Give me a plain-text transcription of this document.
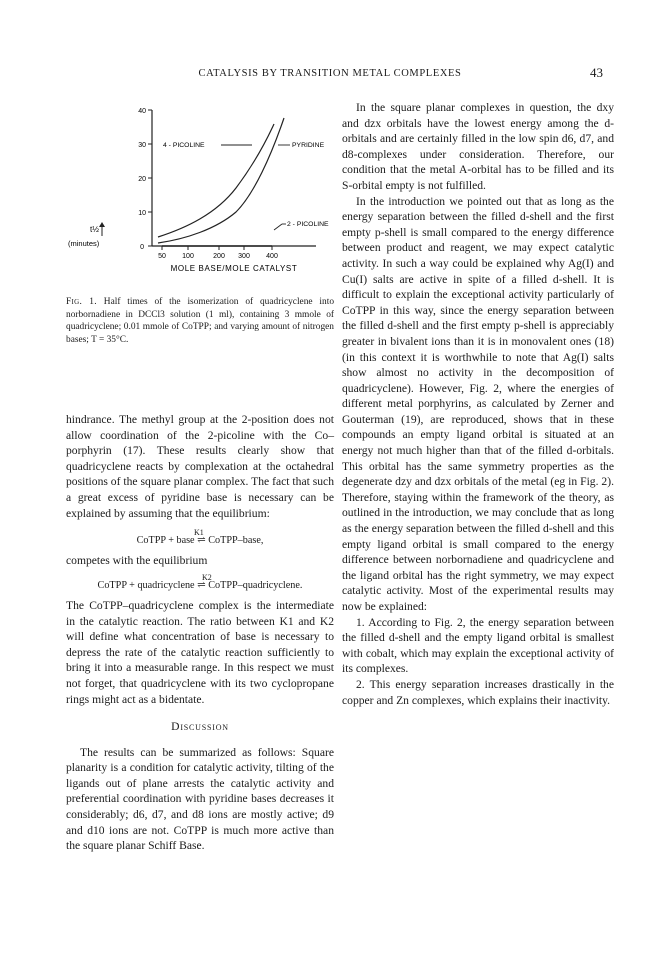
CATALYSIS BY TRANSITION METAL COMPLEXES	43
0
10
20
30
40
50 100	200 300 400
t½
(minutes)
MOLE BASE/MOLE CATALYST
4 - PICOLINE	PYRIDINE
2 - PICOLINE
Fig. 1. Half times of the isomerization of quadricyclene into norbornadiene in DCCl3 solution (1 ml), containing 3 mmole of quadricyclene; 0.01 mmole of CoTPP; and varying amount of nitrogen bases; T = 35°C.

hindrance. The methyl group at the 2-position does not allow coordination of the 2-picoline with the Co–porphyrin (17). These results clearly show that quadricyclene reacts by complexation at the octahedral positions of the square planar complex. The fact that such a great excess of pyridine base is necessary can be explained by assuming that the equilibrium:

K1
CoTPP + base ⇌ CoTPP–base,

competes with the equilibrium

K2
CoTPP + quadricyclene ⇌ CoTPP–quadricyclene.

The CoTPP–quadricyclene complex is the intermediate in the catalytic reaction. The ratio between K1 and K2 will define what concentration of base is necessary to depress the rate of the catalytic reaction sufficiently to bring it into a measurable range. In this respect we must not forget, that quadricyclene with its two cyclopropane rings might act as a bidentate.

Discussion

The results can be summarized as follows: Square planarity is a condition for catalytic activity, tilting of the ligands out of plane arrests the catalytic activity and preferential coordination with pyridine bases decreases it considerably; d6, d7, and d8 ions are mostly active; d9 and d10 ions are not. CoTPP is much more active than the square planar Schiff Base.

In the square planar complexes in question, the dxy and dzx orbitals have the lowest energy among the d-orbitals and are certainly filled in the low spin d6, d7, and d8-complexes under consideration. Therefore, our condition that the metal A-orbital has to be filled and its S-orbital empty is not fulfilled.

In the introduction we pointed out that as long as the energy separation between the filled d-shell and the first empty p-shell is small compared to the energy difference between product and reagent, we may expect catalytic activity. In such a way could be explained why Ag(I) and Cu(I) salts are active in spite of a filled d-shell. It is difficult to explain the exceptional activity particularly of CoTPP in this way, since the energy separation between the filled d-shell and the first empty p-shell is appreciably greater in bivalent ions than it is in monovalent ones (18) (in this context it is worthwhile to note that Ag(I) salts show almost no activity in the decomposition of quadricyclene). However, Fig. 2, where the energies of different metal porphyrins, as calculated by Zerner and Gouterman (19), are reproduced, shows that in these compounds an empty ligand orbital is situated at an energy not much higher than that of the filled d-orbitals. This orbital has the same symmetry properties as the degenerate dzy and dzx orbitals of the metal (eg in Fig. 2). Therefore, staying within the framework of the theory, as outlined in the introduction, we may conclude that as long as the energy separation between the filled d-shell and this empty ligand orbital is small compared to the energy difference between norbornadiene and quadricyclene and the ligand orbital has the right symmetry, we may expect catalytic activity. Most of the experimental results may now be explained:

1. According to Fig. 2, the energy separation between the filled d-shell and the empty ligand orbital is smallest with cobalt, which may explain the exceptional activity of its complexes.

2. This energy separation increases drastically in the copper and Zn complexes, which explains their inactivity.
